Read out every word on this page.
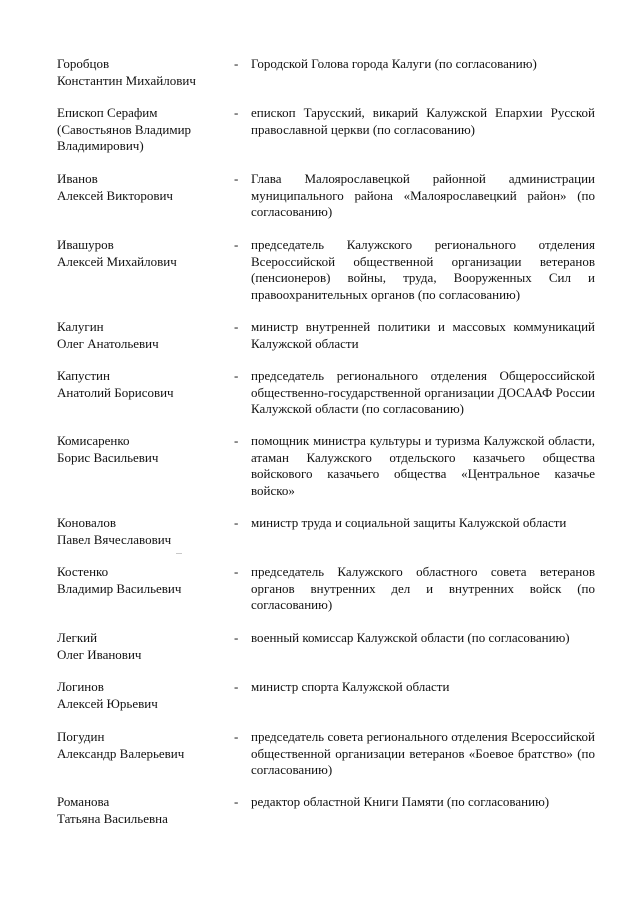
Горобцов
Константин Михайлович
- Городской Голова города Калуги (по согласованию)
Епископ Серафим
(Савостьянов Владимир
Владимирович)
- епископ Тарусский, викарий Калужской Епархии Русской православной церкви (по согласованию)
Иванов
Алексей Викторович
- Глава Малоярославецкой районной администрации муниципального района «Малоярославецкий район» (по согласованию)
Ивашуров
Алексей Михайлович
- председатель Калужского регионального отделения Всероссийской общественной организации ветеранов (пенсионеров) войны, труда, Вооруженных Сил и правоохранительных органов (по согласованию)
Калугин
Олег Анатольевич
- министр внутренней политики и массовых коммуникаций Калужской области
Капустин
Анатолий Борисович
- председатель регионального отделения Общероссийской общественно-государственной организации ДОСААФ России Калужской области (по согласованию)
Комисаренко
Борис Васильевич
- помощник министра культуры и туризма Калужской области, атаман Калужского отдельского казачьего общества войскового казачьего общества «Центральное казачье войско»
Коновалов
Павел Вячеславович
- министр труда и социальной защиты Калужской области
Костенко
Владимир Васильевич
- председатель Калужского областного совета ветеранов органов внутренних дел и внутренних войск (по согласованию)
Легкий
Олег Иванович
- военный комиссар Калужской области (по согласованию)
Логинов
Алексей Юрьевич
- министр спорта Калужской области
Погудин
Александр Валерьевич
- председатель совета регионального отделения Всероссийской общественной организации ветеранов «Боевое братство» (по согласованию)
Романова
Татьяна Васильевна
- редактор областной Книги Памяти (по согласованию)
